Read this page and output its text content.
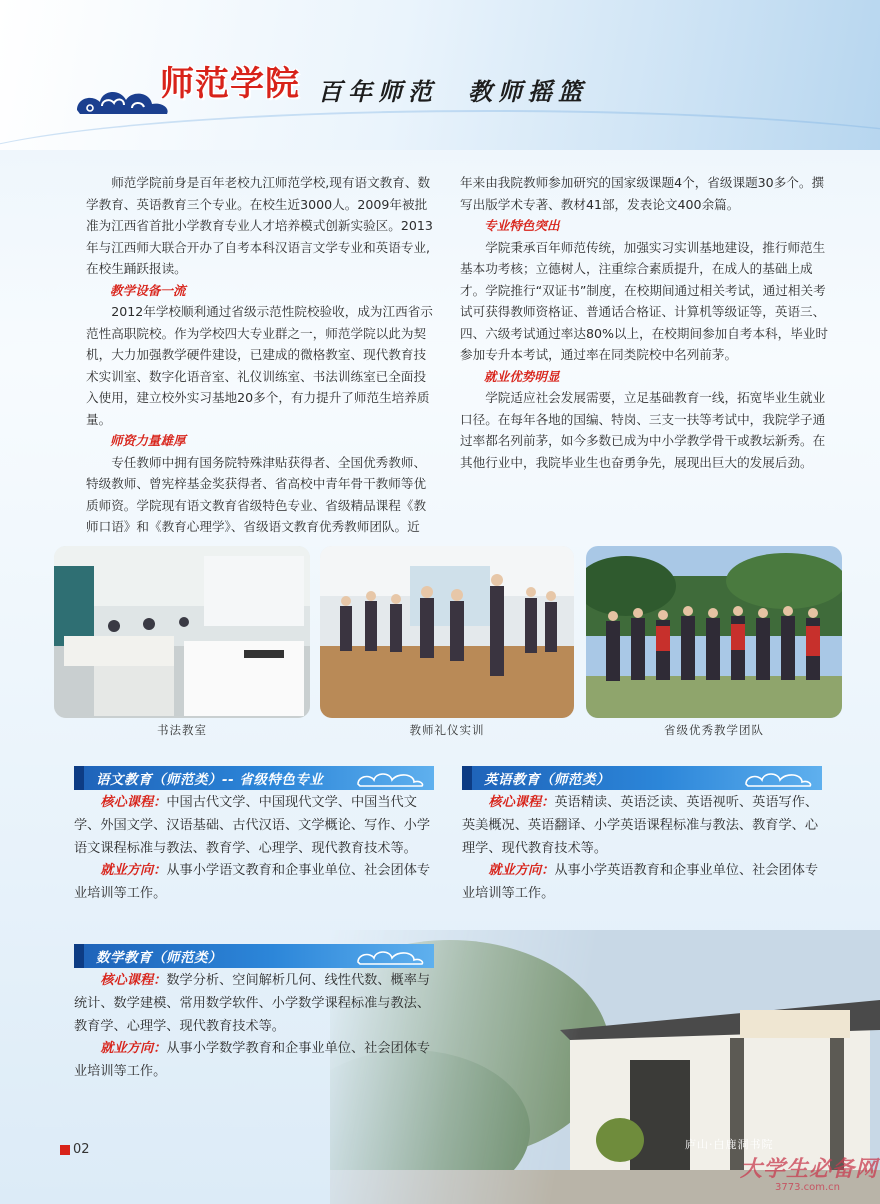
师范学院 百年师范　教师摇篮

师范学院前身是百年老校九江师范学校,现有语文教育、数学教育、英语教育三个专业。在校生近3000人。2009年被批准为江西省首批小学教育专业人才培养模式创新实验区。2013年与江西师大联合开办了自考本科汉语言文学专业和英语专业,在校生踊跃报读。

教学设备一流

2012年学校顺利通过省级示范性院校验收，成为江西省示范性高职院校。作为学校四大专业群之一，师范学院以此为契机，大力加强教学硬件建设，已建成的微格教室、现代教育技术实训室、数字化语音室、礼仪训练室、书法训练室已全面投入使用，建立校外实习基地20多个，有力提升了师范生培养质量。

师资力量雄厚

专任教师中拥有国务院特殊津贴获得者、全国优秀教师、特级教师、曾宪梓基金奖获得者、省高校中青年骨干教师等优质师资。学院现有语文教育省级特色专业、省级精品课程《教师口语》和《教育心理学》、省级语文教育优秀教师团队。近

年来由我院教师参加研究的国家级课题4个，省级课题30多个。撰写出版学术专著、教材41部，发表论文400余篇。

专业特色突出

学院秉承百年师范传统，加强实习实训基地建设，推行师范生基本功考核；立德树人，注重综合素质提升，在成人的基础上成才。学院推行“双证书”制度，在校期间通过相关考试，通过相关考试可获得教师资格证、普通话合格证、计算机等级证等，英语三、四、六级考试通过率达80%以上，在校期间参加自考本科，毕业时参加专升本考试，通过率在同类院校中名列前茅。

就业优势明显

学院适应社会发展需要，立足基础教育一线，拓宽毕业生就业口径。在每年各地的国编、特岗、三支一扶等考试中，我院学子通过率都名列前茅，如今多数已成为中小学教学骨干或教坛新秀。在其他行业中，我院毕业生也奋勇争先，展现出巨大的发展后劲。

书法教室	教师礼仪实训	省级优秀教学团队
庐山·白鹿洞书院
语文教育（师范类）-- 省级特色专业	英语教育（师范类）
数学教育（师范类）

核心课程：中国古代文学、中国现代文学、中国当代文学、外国文学、汉语基础、古代汉语、文学概论、写作、小学语文课程标准与教法、教育学、心理学、现代教育技术等。

就业方向：从事小学语文教育和企事业单位、社会团体专业培训等工作。

核心课程：英语精读、英语泛读、英语视听、英语写作、英美概况、英语翻译、小学英语课程标准与教法、教育学、心理学、现代教育技术等。

就业方向：从事小学英语教育和企事业单位、社会团体专业培训等工作。

核心课程：数学分析、空间解析几何、线性代数、概率与统计、数学建模、常用数学软件、小学数学课程标准与教法、教育学、心理学、现代教育技术等。

就业方向：从事小学数学教育和企事业单位、社会团体专业培训等工作。

02
大学生必备网
3773.com.cn
